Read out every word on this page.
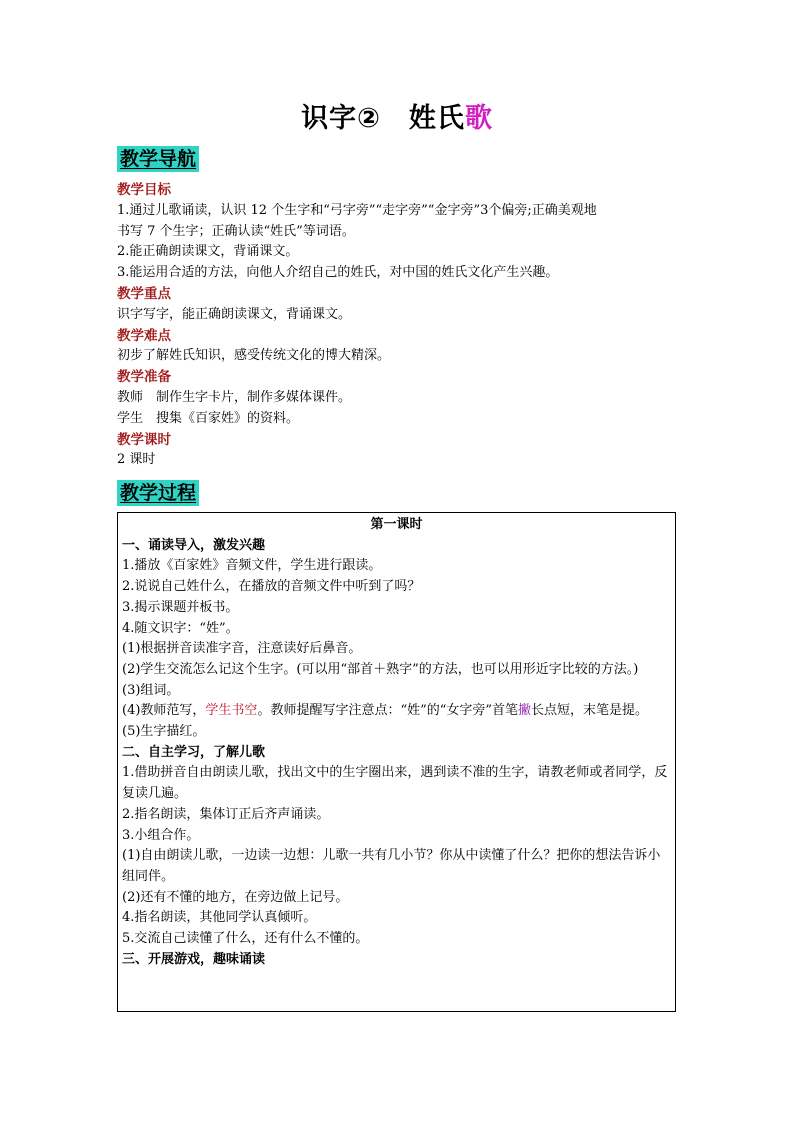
识字②　姓氏歌
教学导航
教学目标
1.通过儿歌诵读，认识 12 个生字和“弓字旁”“走字旁”“金字旁”3个偏旁;正确美观地
书写 7 个生字；正确认读“姓氏”等词语。
2.能正确朗读课文，背诵课文。
3.能运用合适的方法，向他人介绍自己的姓氏，对中国的姓氏文化产生兴趣。
教学重点
识字写字，能正确朗读课文，背诵课文。
教学难点
初步了解姓氏知识，感受传统文化的博大精深。
教学准备
教师　制作生字卡片，制作多媒体课件。
学生　搜集《百家姓》的资料。
教学课时
2 课时
教学过程
第一课时
一、诵读导入，激发兴趣
1.播放《百家姓》音频文件，学生进行跟读。
2.说说自己姓什么，在播放的音频文件中听到了吗？
3.揭示课题并板书。
4.随文识字：“姓”。
(1)根据拼音读准字音，注意读好后鼻音。
(2)学生交流怎么记这个生字。(可以用“部首＋熟字”的方法，也可以用形近字比较的方法。)
(3)组词。
(4)教师范写，学生书空。教师提醒写字注意点：“姓”的“女字旁”首笔撇长点短，末笔是提。
(5)生字描红。
二、自主学习，了解儿歌
1.借助拼音自由朗读儿歌，找出文中的生字圈出来，遇到读不准的生字，请教老师或者同学，反复读几遍。
2.指名朗读，集体订正后齐声诵读。
3.小组合作。
(1)自由朗读儿歌，一边读一边想：儿歌一共有几小节？你从中读懂了什么？把你的想法告诉小组同伴。
(2)还有不懂的地方，在旁边做上记号。
4.指名朗读，其他同学认真倾听。
5.交流自己读懂了什么，还有什么不懂的。
三、开展游戏，趣味诵读
